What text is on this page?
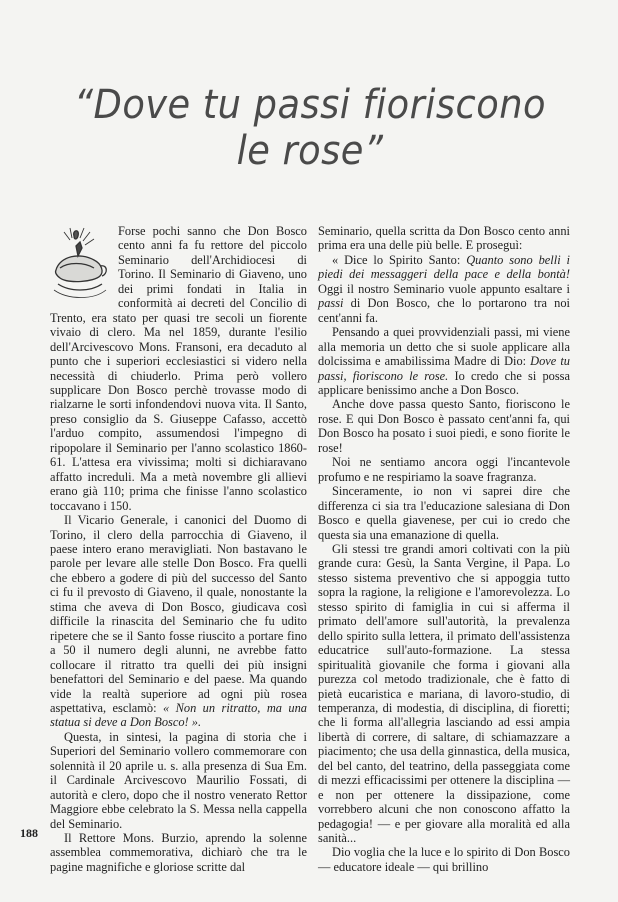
“Dove tu passi fioriscono le rose”

Forse pochi sanno che Don Bosco cento anni fa fu rettore del piccolo Seminario dell'Archidiocesi di Torino. Il Seminario di Giaveno, uno dei primi fondati in Italia in conformità ai decreti del Concilio di Trento, era stato per quasi tre secoli un fiorente vivaio di clero. Ma nel 1859, durante l'esilio dell'Arcivescovo Mons. Fransoni, era decaduto al punto che i superiori ecclesiastici si videro nella necessità di chiuderlo. Prima però vollero supplicare Don Bosco perchè trovasse modo di rialzarne le sorti infondendovi nuova vita. Il Santo, preso consiglio da S. Giuseppe Cafasso, accettò l'arduo compito, assumendosi l'impegno di ripopolare il Seminario per l'anno scolastico 1860-61. L'attesa era vivissima; molti si dichiaravano affatto increduli. Ma a metà novembre gli allievi erano già 110; prima che finisse l'anno scolastico toccavano i 150.

Il Vicario Generale, i canonici del Duomo di Torino, il clero della parrocchia di Giaveno, il paese intero erano meravigliati. Non bastavano le parole per levare alle stelle Don Bosco. Fra quelli che ebbero a godere di più del successo del Santo ci fu il prevosto di Giaveno, il quale, nonostante la stima che aveva di Don Bosco, giudicava così difficile la rinascita del Seminario che fu udito ripetere che se il Santo fosse riuscito a portare fino a 50 il numero degli alunni, ne avrebbe fatto collocare il ritratto tra quelli dei più insigni benefattori del Seminario e del paese. Ma quando vide la realtà superiore ad ogni più rosea aspettativa, esclamò: « Non un ritratto, ma una statua si deve a Don Bosco! ».

Questa, in sintesi, la pagina di storia che i Superiori del Seminario vollero commemorare con solennità il 20 aprile u. s. alla presenza di Sua Em. il Cardinale Arcivescovo Maurilio Fossati, di autorità e clero, dopo che il nostro venerato Rettor Maggiore ebbe celebrato la S. Messa nella cappella del Seminario.

Il Rettore Mons. Burzio, aprendo la solenne assemblea commemorativa, dichiarò che tra le pagine magnifiche e gloriose scritte dal

Seminario, quella scritta da Don Bosco cento anni prima era una delle più belle. E proseguì:

« Dice lo Spirito Santo: Quanto sono belli i piedi dei messaggeri della pace e della bontà! Oggi il nostro Seminario vuole appunto esaltare i passi di Don Bosco, che lo portarono tra noi cent'anni fa.

Pensando a quei provvidenziali passi, mi viene alla memoria un detto che si suole applicare alla dolcissima e amabilissima Madre di Dio: Dove tu passi, fioriscono le rose. Io credo che si possa applicare benissimo anche a Don Bosco.

Anche dove passa questo Santo, fioriscono le rose. E qui Don Bosco è passato cent'anni fa, qui Don Bosco ha posato i suoi piedi, e sono fiorite le rose!

Noi ne sentiamo ancora oggi l'incantevole profumo e ne respiriamo la soave fragranza.

Sinceramente, io non vi saprei dire che differenza ci sia tra l'educazione salesiana di Don Bosco e quella giavenese, per cui io credo che questa sia una emanazione di quella.

Gli stessi tre grandi amori coltivati con la più grande cura: Gesù, la Santa Vergine, il Papa. Lo stesso sistema preventivo che si appoggia tutto sopra la ragione, la religione e l'amorevolezza. Lo stesso spirito di famiglia in cui si afferma il primato dell'amore sull'autorità, la prevalenza dello spirito sulla lettera, il primato dell'assistenza educatrice sull'auto-formazione. La stessa spiritualità giovanile che forma i giovani alla purezza col metodo tradizionale, che è fatto di pietà eucaristica e mariana, di lavoro-studio, di temperanza, di modestia, di disciplina, di fioretti; che li forma all'allegria lasciando ad essi ampia libertà di correre, di saltare, di schiamazzare a piacimento; che usa della ginnastica, della musica, del bel canto, del teatrino, della passeggiata come di mezzi efficacissimi per ottenere la disciplina — e non per ottenere la dissipazione, come vorrebbero alcuni che non conoscono affatto la pedagogia! — e per giovare alla moralità ed alla sanità...

Dio voglia che la luce e lo spirito di Don Bosco — educatore ideale — qui brillino

188
